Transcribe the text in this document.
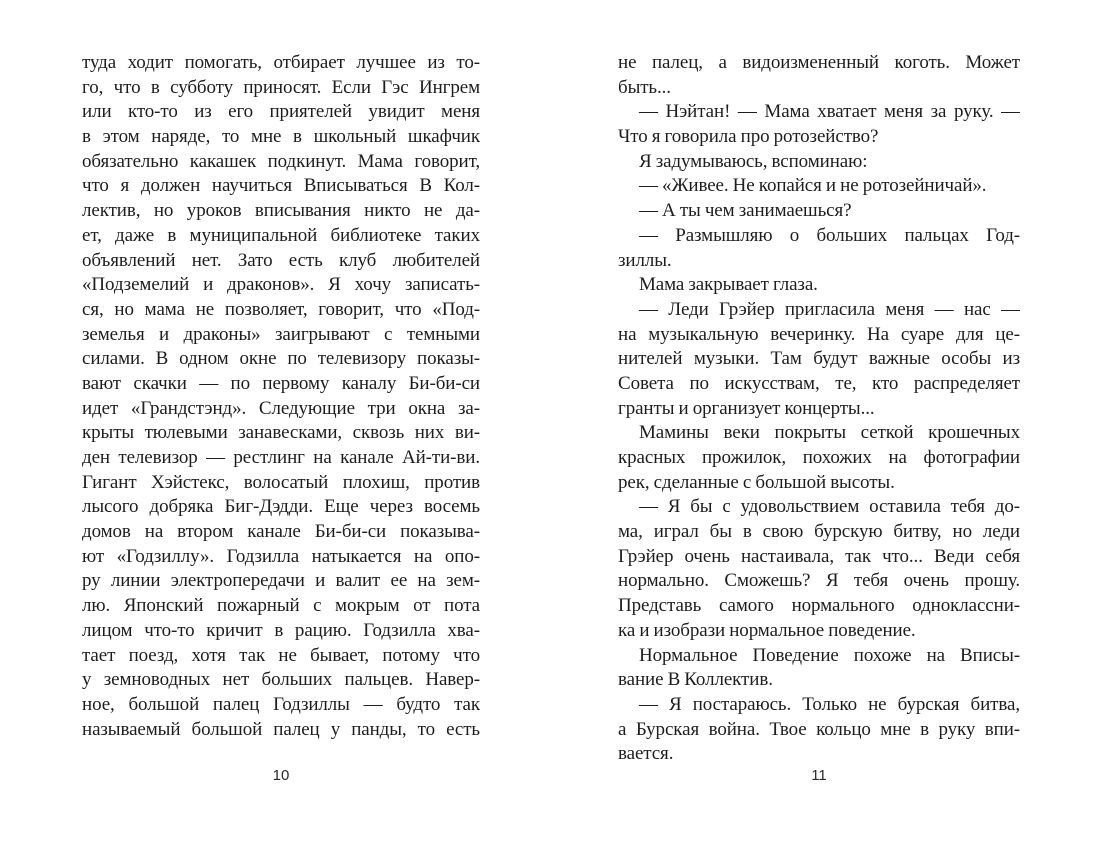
туда ходит помогать, отбирает лучшее из то-
го, что в субботу приносят. Если Гэс Ингрем
или кто-то из его приятелей увидит меня
в этом наряде, то мне в школьный шкафчик
обязательно какашек подкинут. Мама говорит,
что я должен научиться Вписываться В Кол-
лектив, но уроков вписывания никто не да-
ет, даже в муниципальной библиотеке таких
объявлений нет. Зато есть клуб любителей
«Подземелий и драконов». Я хочу записать-
ся, но мама не позволяет, говорит, что «Под-
земелья и драконы» заигрывают с темными
силами. В одном окне по телевизору показы-
вают скачки — по первому каналу Би-би-си
идет «Грандстэнд». Следующие три окна за-
крыты тюлевыми занавесками, сквозь них ви-
ден телевизор — рестлинг на канале Ай-ти-ви.
Гигант Хэйстекс, волосатый плохиш, против
лысого добряка Биг-Дэдди. Еще через восемь
домов на втором канале Би-би-си показыва-
ют «Годзиллу». Годзилла натыкается на опо-
ру линии электропередачи и валит ее на зем-
лю. Японский пожарный с мокрым от пота
лицом что-то кричит в рацию. Годзилла хва-
тает поезд, хотя так не бывает, потому что
у земноводных нет больших пальцев. Навер-
ное, большой палец Годзиллы — будто так
называемый большой палец у панды, то есть
не палец, а видоизмененный коготь. Может
быть...
— Нэйтан! — Мама хватает меня за руку. —
Что я говорила про ротозейство?
Я задумываюсь, вспоминаю:
— «Живее. Не копайся и не ротозейничай».
— А ты чем занимаешься?
— Размышляю о больших пальцах Год-
зиллы.
Мама закрывает глаза.
— Леди Грэйер пригласила меня — нас —
на музыкальную вечеринку. На суаре для це-
нителей музыки. Там будут важные особы из
Совета по искусствам, те, кто распределяет
гранты и организует концерты...
Мамины веки покрыты сеткой крошечных
красных прожилок, похожих на фотографии
рек, сделанные с большой высоты.
— Я бы с удовольствием оставила тебя до-
ма, играл бы в свою бурскую битву, но леди
Грэйер очень настаивала, так что... Веди себя
нормально. Сможешь? Я тебя очень прошу.
Представь самого нормального одноклассни-
ка и изобрази нормальное поведение.
Нормальное Поведение похоже на Вписы-
вание В Коллектив.
— Я постараюсь. Только не бурская битва,
а Бурская война. Твое кольцо мне в руку впи-
вается.
10	11
